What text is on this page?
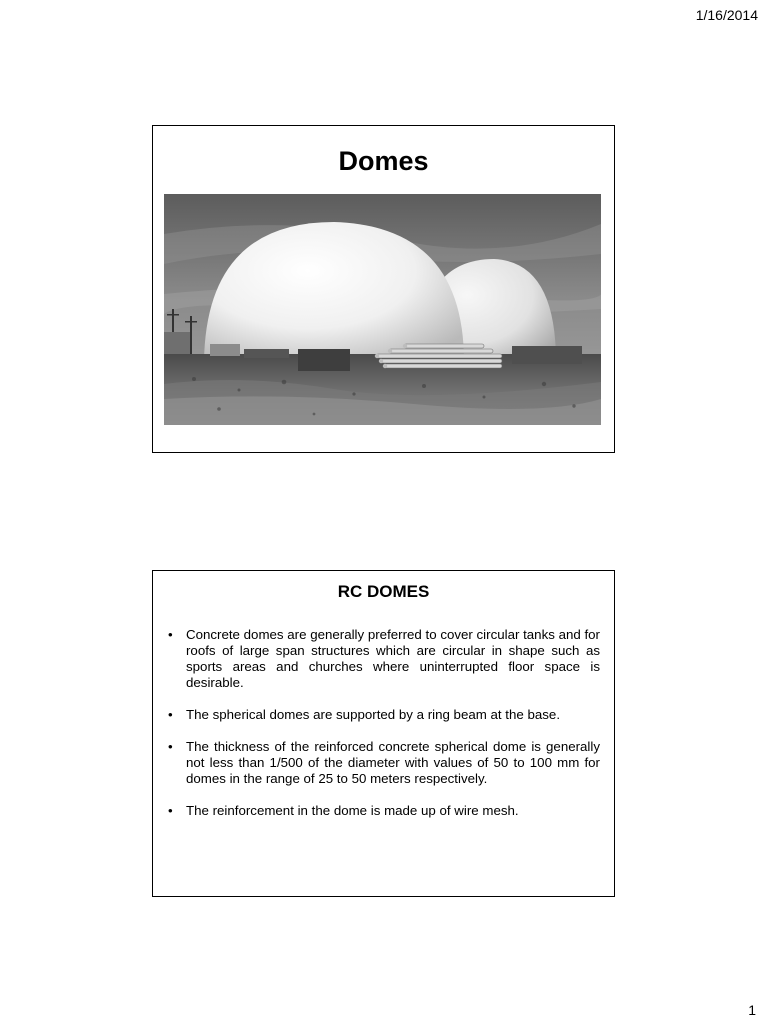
1/16/2014
Domes
RC DOMES
• Concrete domes are generally preferred to cover circular tanks and for roofs of large span structures which are circular in shape such as sports areas and churches where uninterrupted floor space is desirable.
• The spherical domes are supported by a ring beam at the base.
• The thickness of the reinforced concrete spherical dome is generally not less than 1/500 of the diameter with values of 50 to 100 mm for domes in the range of 25 to 50 meters respectively.
• The reinforcement in the dome is made up of wire mesh.
1
